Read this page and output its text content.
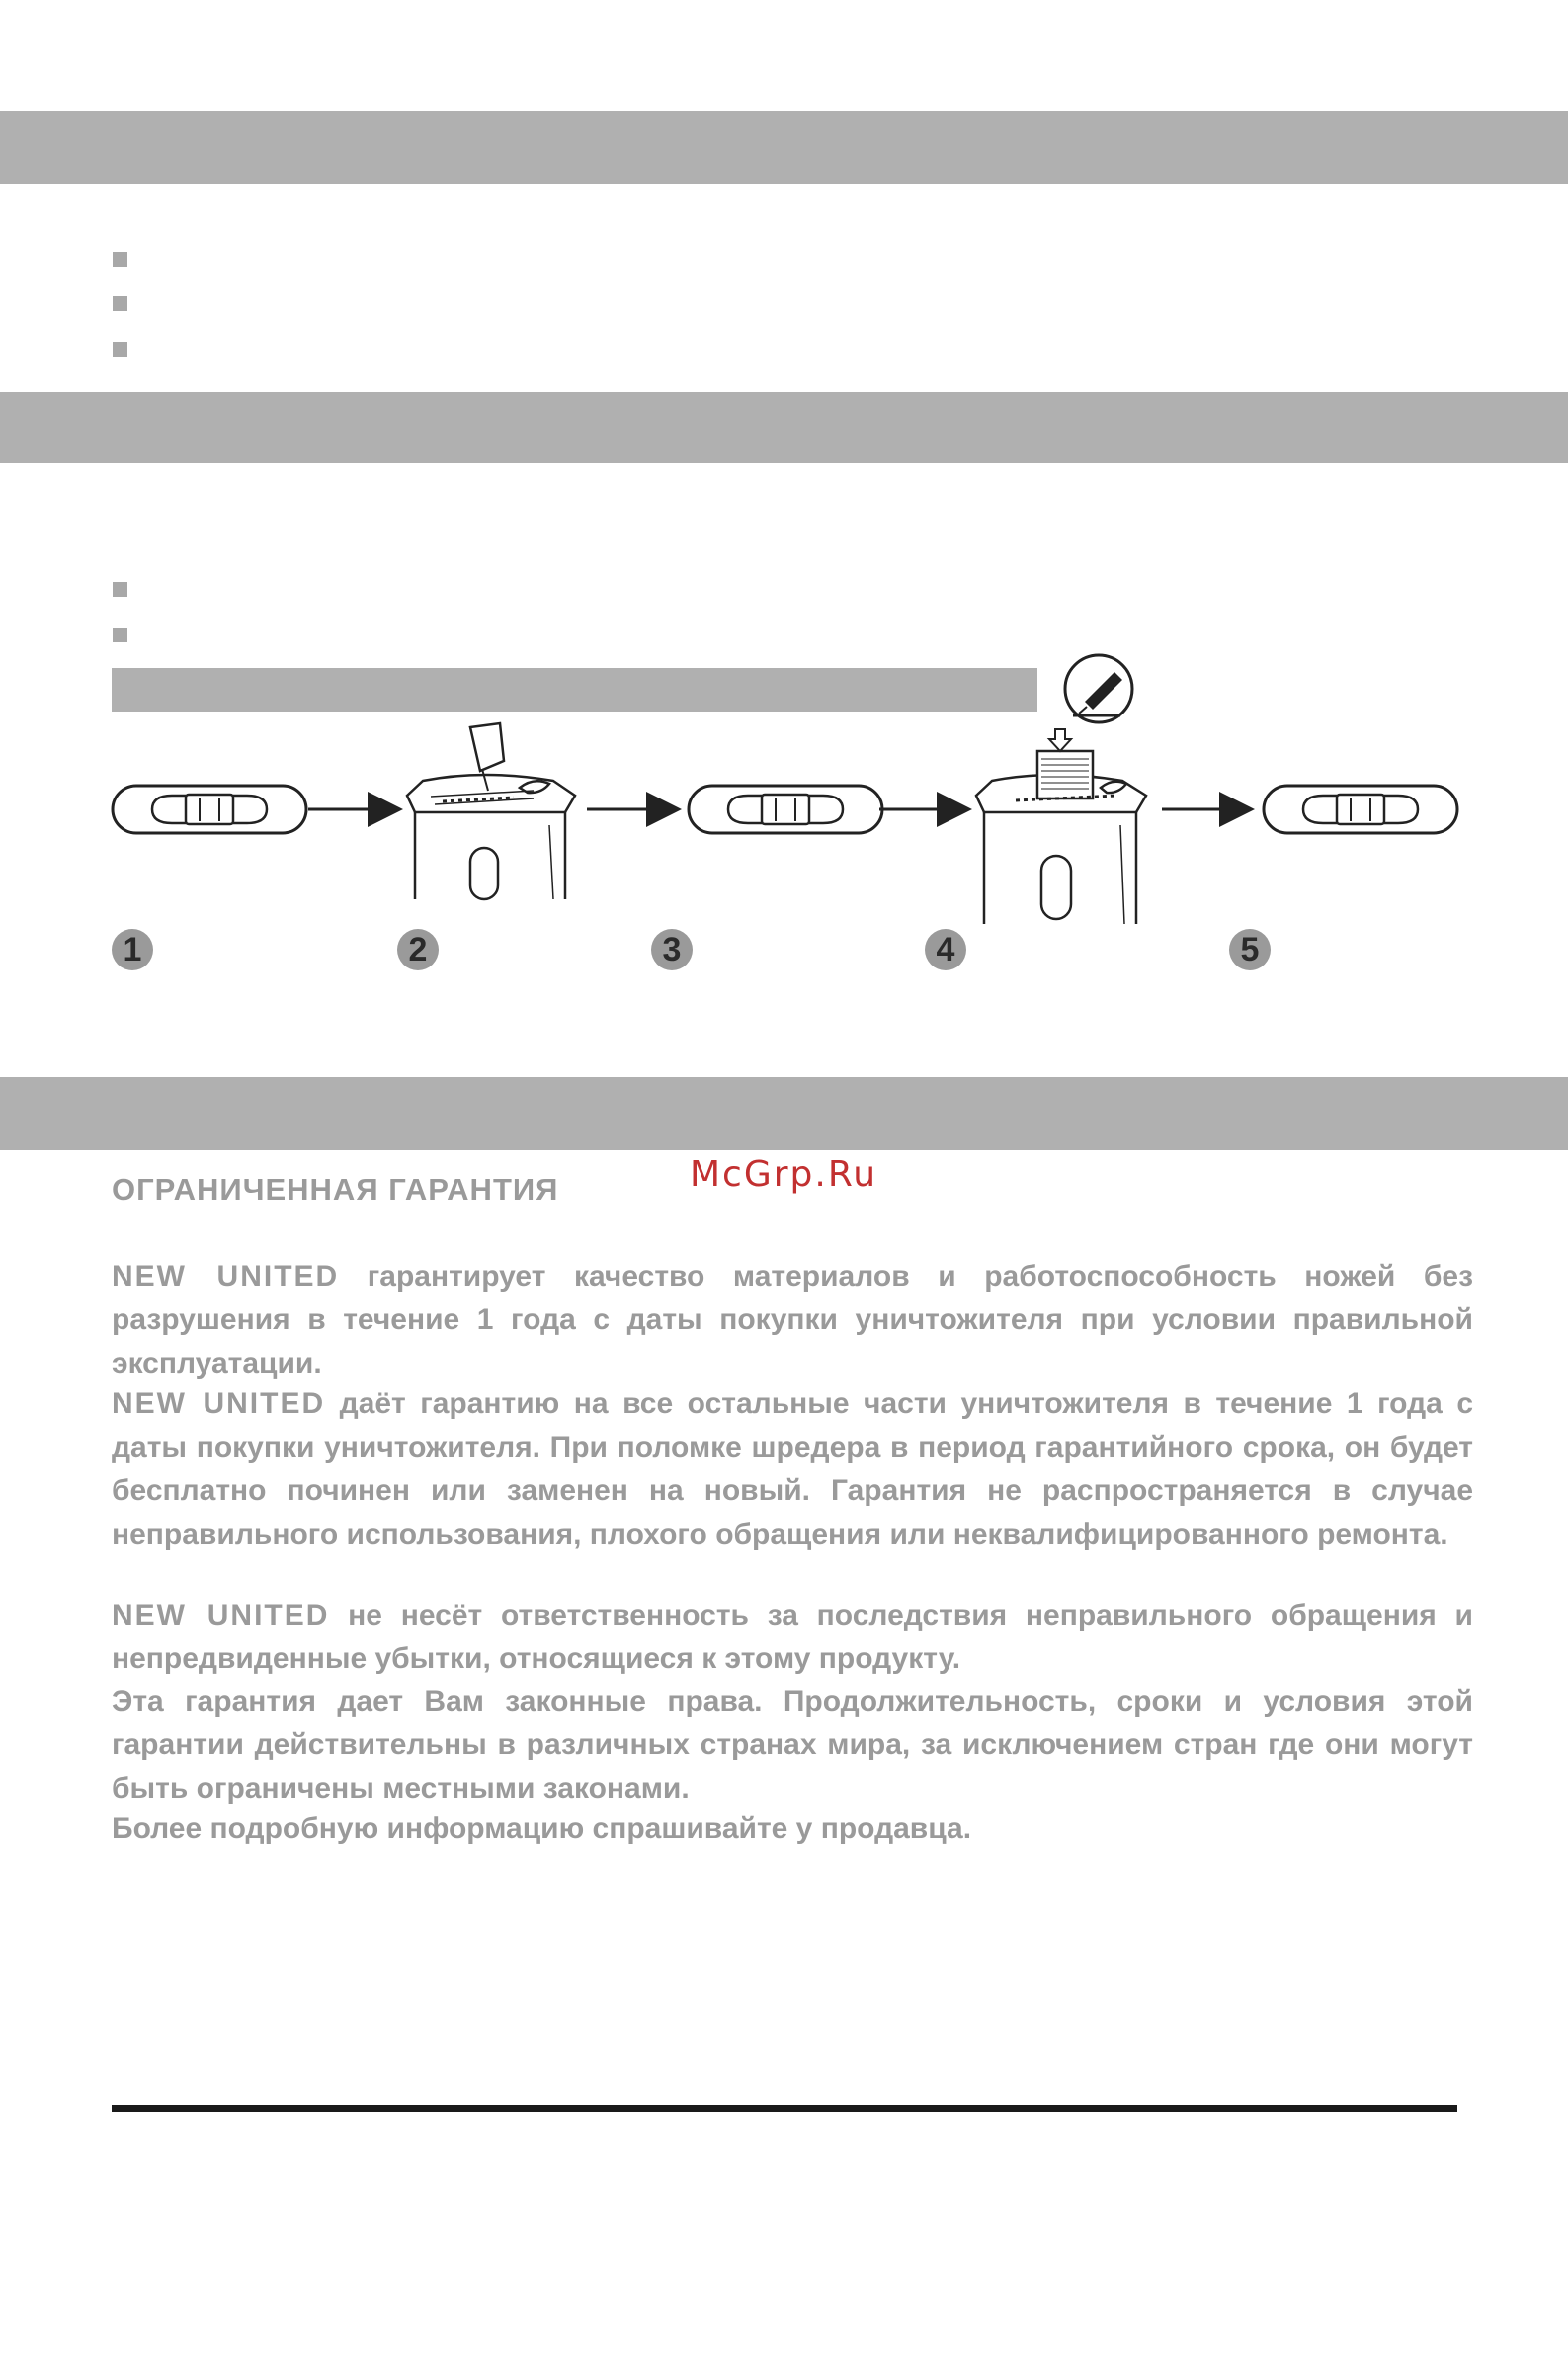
1	2	3	4	5
McGrp.Ru
ОГРАНИЧЕННАЯ ГАРАНТИЯ

NEW UNITED гарантирует качество материалов и работоспособность ножей без разрушения в течение 1 года с даты покупки уничтожителя при условии правильной эксплуатации.

NEW UNITED даёт гарантию на все остальные части уничтожителя в течение 1 года с даты покупки уничтожителя. При поломке шредера в период гарантийного срока, он будет бесплатно починен или заменен на новый. Гарантия не распространяется в случае неправильного использования, плохого обращения или неквалифицированного ремонта.

NEW UNITED не несёт ответственность за последствия неправильного обращения и непредвиденные убытки, относящиеся к этому продукту.

Эта гарантия дает Вам законные права. Продолжительность, сроки и условия этой гарантии действительны в различных странах мира, за исключением стран где они могут быть ограничены местными законами.

Более подробную информацию спрашивайте у продавца.
